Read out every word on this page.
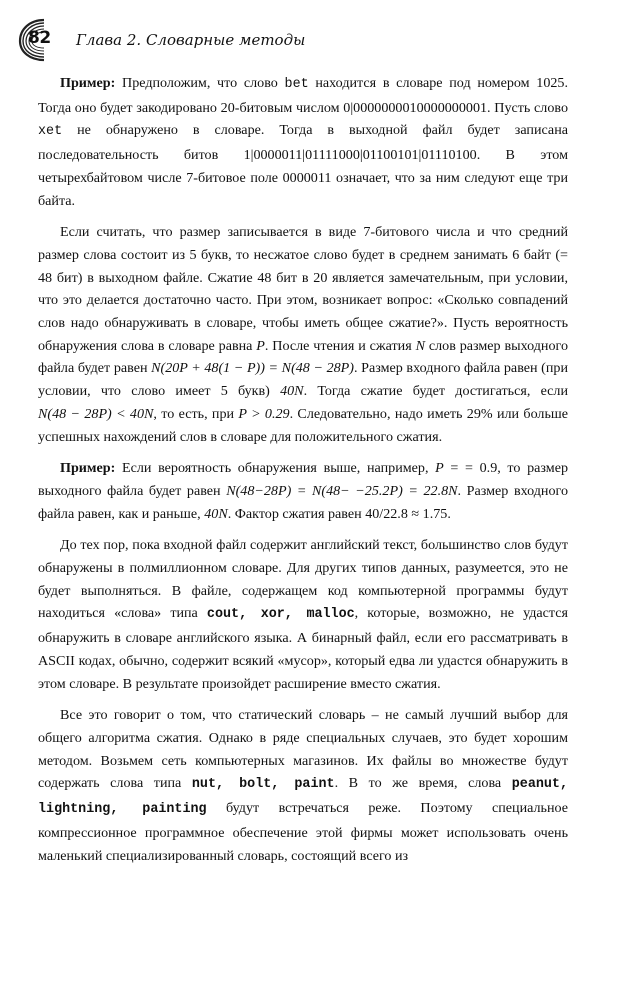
82 Глава 2. Словарные методы

Пример: Предположим, что слово bet находится в словаре под номером 1025. Тогда оно будет закодировано 20-битовым числом 0|0000000010000000001. Пусть слово xet не обнаружено в словаре. Тогда в выходной файл будет записана последовательность битов 1|0000011|01111000|01100101|01110100. В этом четырехбайтовом числе 7-битовое поле 0000011 означает, что за ним следуют еще три байта.

Если считать, что размер записывается в виде 7-битового числа и что средний размер слова состоит из 5 букв, то несжатое слово будет в среднем занимать 6 байт (= 48 бит) в выходном файле. Сжатие 48 бит в 20 является замечательным, при условии, что это делается достаточно часто. При этом, возникает вопрос: «Сколько совпадений слов надо обнаруживать в словаре, чтобы иметь общее сжатие?». Пусть вероятность обнаружения слова в словаре равна P. После чтения и сжатия N слов размер выходного файла будет равен N(20P + 48(1 − P)) = N(48 − 28P). Размер входного файла равен (при условии, что слово имеет 5 букв) 40N. Тогда сжатие будет достигаться, если N(48 − 28P) < 40N, то есть, при P > 0.29. Следовательно, надо иметь 29% или больше успешных нахождений слов в словаре для положительного сжатия.

Пример: Если вероятность обнаружения выше, например, P = = 0.9, то размер выходного файла будет равен N(48−28P) = N(48− −25.2P) = 22.8N. Размер входного файла равен, как и раньше, 40N. Фактор сжатия равен 40/22.8 ≈ 1.75.

До тех пор, пока входной файл содержит английский текст, большинство слов будут обнаружены в полмиллионном словаре. Для других типов данных, разумеется, это не будет выполняться. В файле, содержащем код компьютерной программы будут находиться «слова» типа cout, xor, malloc, которые, возможно, не удастся обнаружить в словаре английского языка. А бинарный файл, если его рассматривать в ASCII кодах, обычно, содержит всякий «мусор», который едва ли удастся обнаружить в этом словаре. В результате произойдет расширение вместо сжатия.

Все это говорит о том, что статический словарь – не самый лучший выбор для общего алгоритма сжатия. Однако в ряде специальных случаев, это будет хорошим методом. Возьмем сеть компьютерных магазинов. Их файлы во множестве будут содержать слова типа nut, bolt, paint. В то же время, слова peanut, lightning, painting будут встречаться реже. Поэтому специальное компрессионное программное обеспечение этой фирмы может использовать очень маленький специализированный словарь, состоящий всего из
